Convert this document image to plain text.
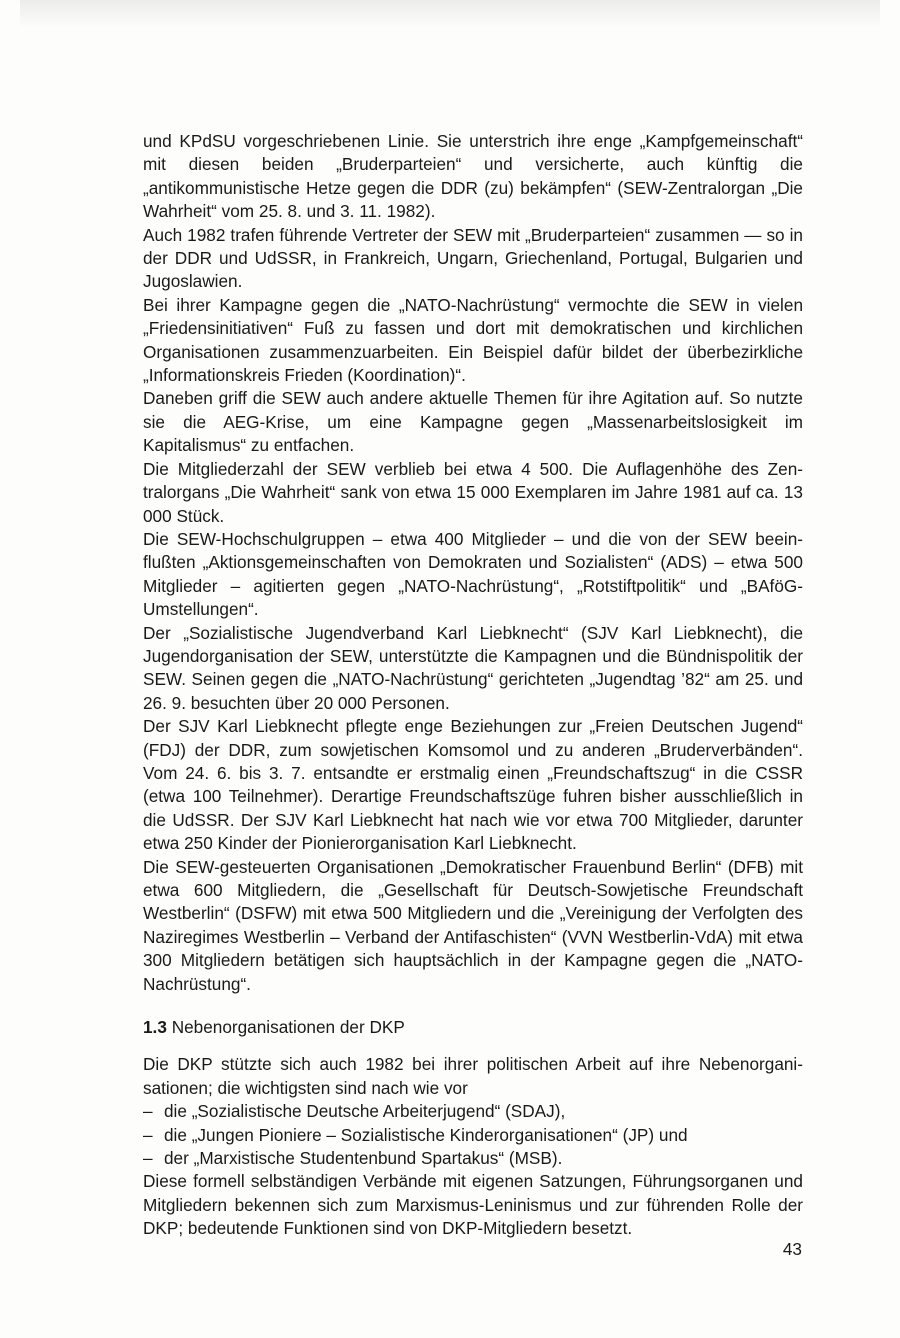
und KPdSU vorgeschriebenen Linie. Sie unterstrich ihre enge „Kampfgemeinschaft“ mit diesen beiden „Bruderparteien“ und versicherte, auch künftig die „antikommunistische Hetze gegen die DDR (zu) bekämpfen“ (SEW-Zentralorgan „Die Wahrheit“ vom 25. 8. und 3. 11. 1982).

Auch 1982 trafen führende Vertreter der SEW mit „Bruderparteien“ zusammen — so in der DDR und UdSSR, in Frankreich, Ungarn, Griechenland, Portugal, Bulgarien und Jugoslawien.

Bei ihrer Kampagne gegen die „NATO-Nachrüstung“ vermochte die SEW in vielen „Friedensinitiativen“ Fuß zu fassen und dort mit demokratischen und kirchlichen Organisationen zusammenzuarbeiten. Ein Beispiel dafür bildet der überbezirkliche „Informationskreis Frieden (Koordination)“.

Daneben griff die SEW auch andere aktuelle Themen für ihre Agitation auf. So nutzte sie die AEG-Krise, um eine Kampagne gegen „Massenarbeitslosigkeit im Kapitalismus“ zu entfachen.

Die Mitgliederzahl der SEW verblieb bei etwa 4 500. Die Auflagenhöhe des Zentralorgans „Die Wahrheit“ sank von etwa 15 000 Exemplaren im Jahre 1981 auf ca. 13 000 Stück.

Die SEW-Hochschulgruppen – etwa 400 Mitglieder – und die von der SEW beeinflußten „Aktionsgemeinschaften von Demokraten und Sozialisten“ (ADS) – etwa 500 Mitglieder – agitierten gegen „NATO-Nachrüstung“, „Rotstiftpolitik“ und „BAföG-Umstellungen“.

Der „Sozialistische Jugendverband Karl Liebknecht“ (SJV Karl Liebknecht), die Jugendorganisation der SEW, unterstützte die Kampagnen und die Bündnispolitik der SEW. Seinen gegen die „NATO-Nachrüstung“ gerichteten „Jugendtag ’82“ am 25. und 26. 9. besuchten über 20 000 Personen.

Der SJV Karl Liebknecht pflegte enge Beziehungen zur „Freien Deutschen Jugend“ (FDJ) der DDR, zum sowjetischen Komsomol und zu anderen „Bruderverbänden“. Vom 24. 6. bis 3. 7. entsandte er erstmalig einen „Freundschaftszug“ in die CSSR (etwa 100 Teilnehmer). Derartige Freundschaftszüge fuhren bisher ausschließlich in die UdSSR. Der SJV Karl Liebknecht hat nach wie vor etwa 700 Mitglieder, darunter etwa 250 Kinder der Pionierorganisation Karl Liebknecht.

Die SEW-gesteuerten Organisationen „Demokratischer Frauenbund Berlin“ (DFB) mit etwa 600 Mitgliedern, die „Gesellschaft für Deutsch-Sowjetische Freundschaft Westberlin“ (DSFW) mit etwa 500 Mitgliedern und die „Vereinigung der Verfolgten des Naziregimes Westberlin – Verband der Antifaschisten“ (VVN Westberlin-VdA) mit etwa 300 Mitgliedern betätigen sich hauptsächlich in der Kampagne gegen die „NATO-Nachrüstung“.

1.3 Nebenorganisationen der DKP

Die DKP stützte sich auch 1982 bei ihrer politischen Arbeit auf ihre Nebenorganisationen; die wichtigsten sind nach wie vor

– die „Sozialistische Deutsche Arbeiterjugend“ (SDAJ),
– die „Jungen Pioniere – Sozialistische Kinderorganisationen“ (JP) und
– der „Marxistische Studentenbund Spartakus“ (MSB).

Diese formell selbständigen Verbände mit eigenen Satzungen, Führungsorganen und Mitgliedern bekennen sich zum Marxismus-Leninismus und zur führenden Rolle der DKP; bedeutende Funktionen sind von DKP-Mitgliedern besetzt.

43
